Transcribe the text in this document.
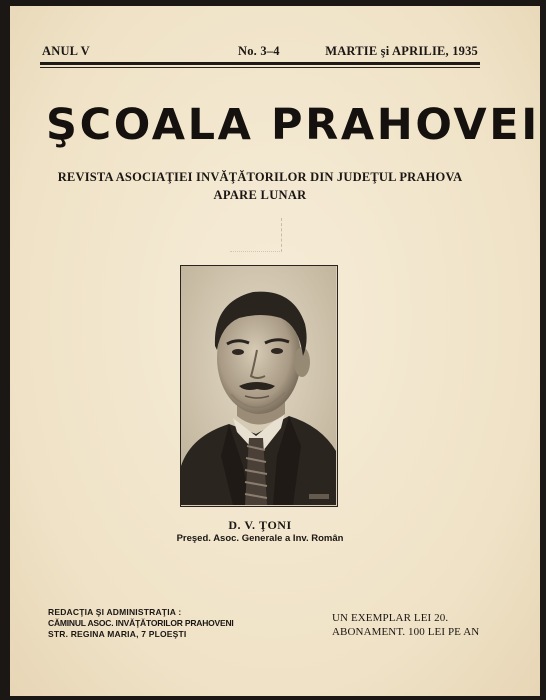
ANUL V	No. 3–4	MARTIE şi APRILIE, 1935
ŞCOALA PRAHOVEI
REVISTA ASOCIAŢIEI INVĂŢĂTORILOR DIN JUDEŢUL PRAHOVA
APARE LUNAR
D. V. ŢONI
Preşed. Asoc. Generale a Inv. Român
REDACŢIA ŞI ADMINISTRAŢIA :
CĂMINUL ASOC. INVĂŢĂTORILOR PRAHOVENI
STR. REGINA MARIA, 7 PLOEŞTI
UN EXEMPLAR LEI 20.
ABONAMENT. 100 LEI PE AN
